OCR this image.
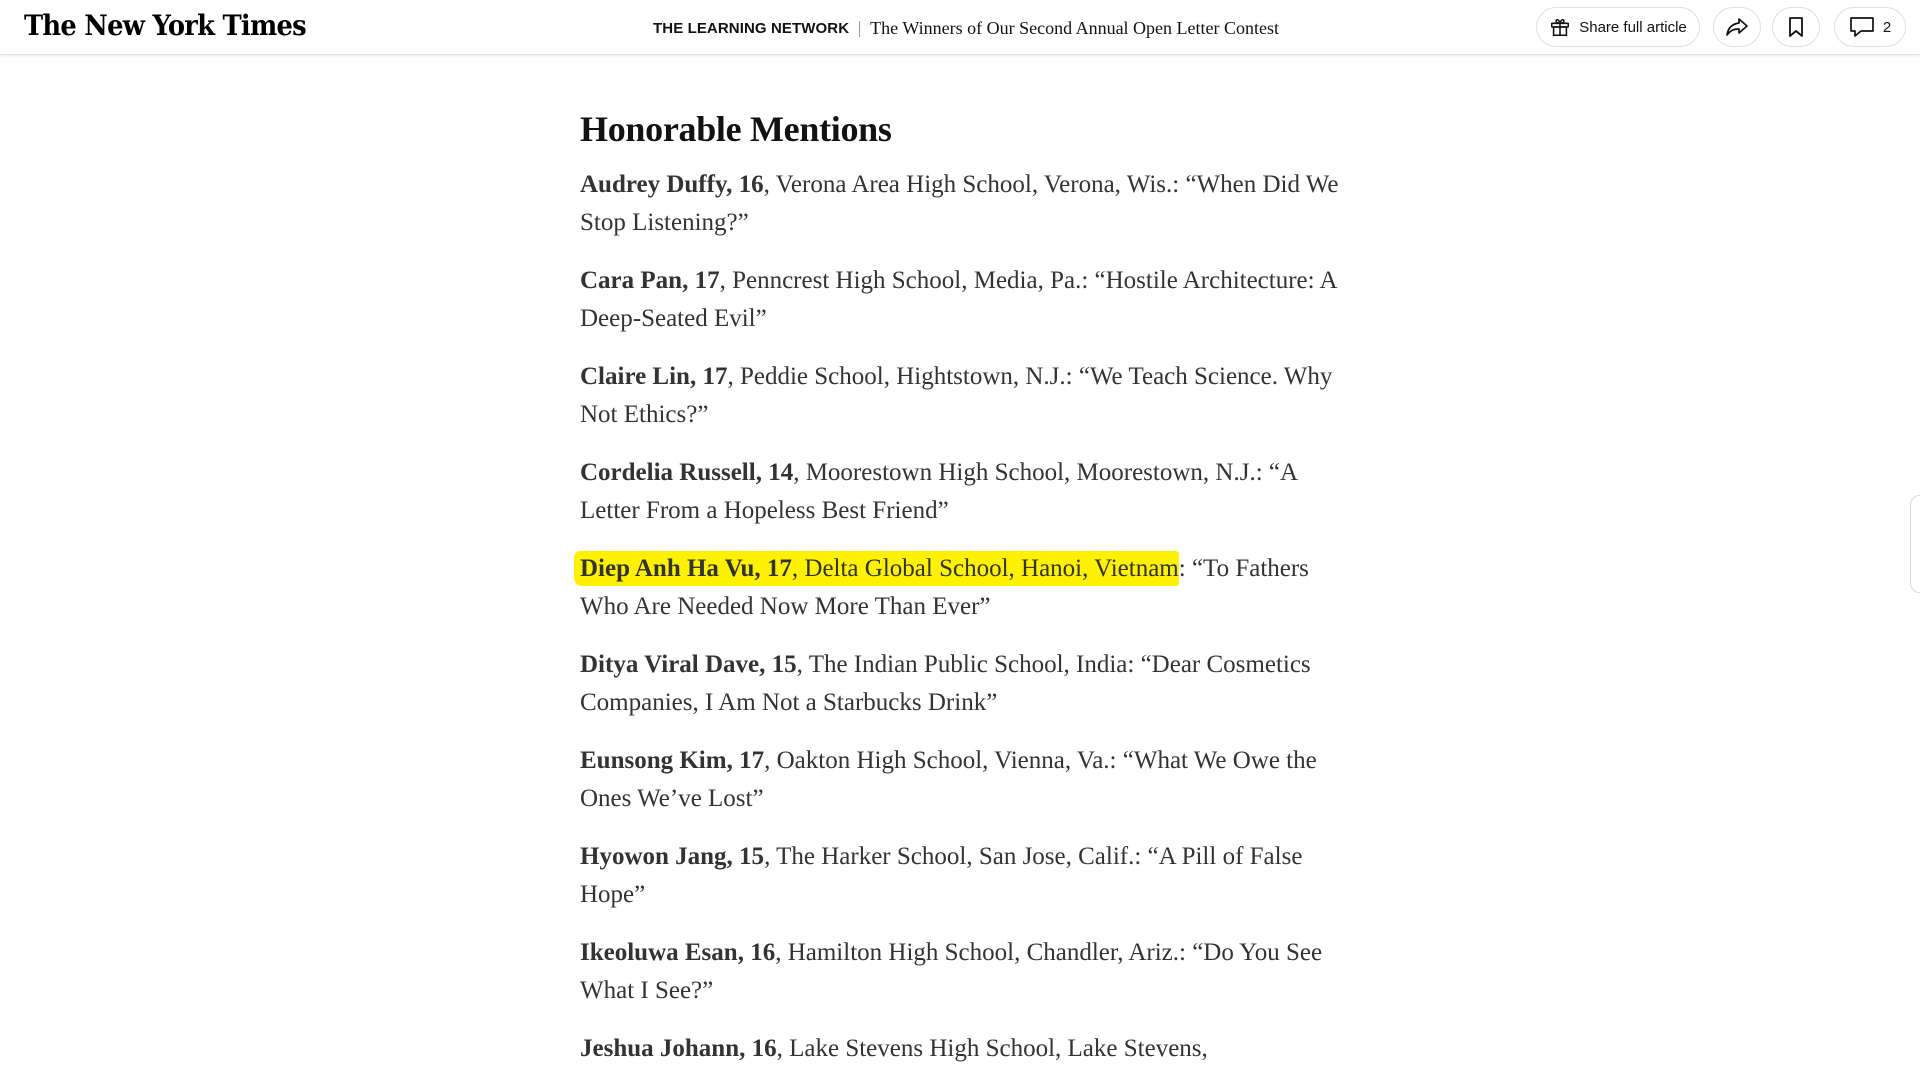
The New York Times	THE LEARNING NETWORK The Winners of Our Second Annual Open Letter Contest	Share full article	2
Honorable Mentions

Audrey Duffy, 16, Verona Area High School, Verona, Wis.: “When Did We Stop Listening?”

Cara Pan, 17, Penncrest High School, Media, Pa.: “Hostile Architecture: A Deep-Seated Evil”

Claire Lin, 17, Peddie School, Hightstown, N.J.: “We Teach Science. Why Not Ethics?”

Cordelia Russell, 14, Moorestown High School, Moorestown, N.J.: “A Letter From a Hopeless Best Friend”

Diep Anh Ha Vu, 17, Delta Global School, Hanoi, Vietnam: “To Fathers Who Are Needed Now More Than Ever”

Ditya Viral Dave, 15, The Indian Public School, India: “Dear Cosmetics Companies, I Am Not a Starbucks Drink”

Eunsong Kim, 17, Oakton High School, Vienna, Va.: “What We Owe the Ones We’ve Lost”

Hyowon Jang, 15, The Harker School, San Jose, Calif.: “A Pill of False Hope”

Ikeoluwa Esan, 16, Hamilton High School, Chandler, Ariz.: “Do You See What I See?”

Jeshua Johann, 16, Lake Stevens High School, Lake Stevens,
